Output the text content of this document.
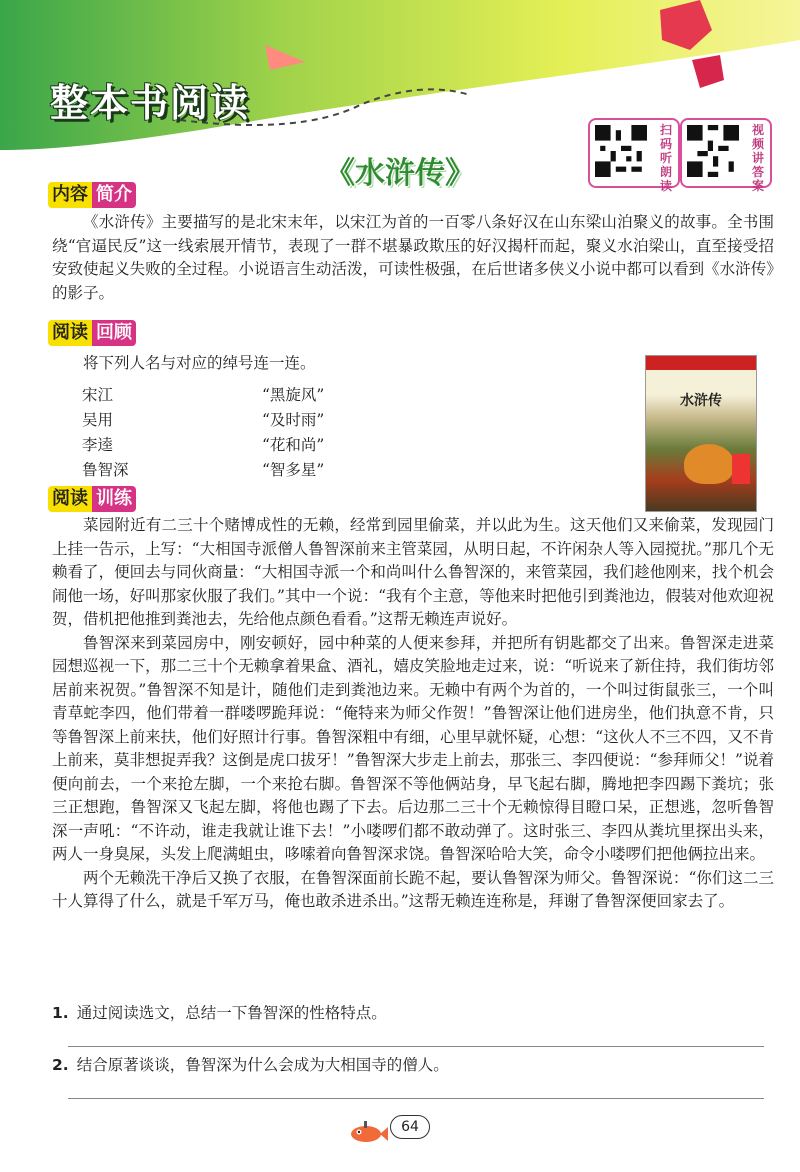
整本书阅读
扫码听朗读
视频讲答案
《水浒传》
内容 简介

《水浒传》主要描写的是北宋末年，以宋江为首的一百零八条好汉在山东梁山泊聚义的故事。全书围绕“官逼民反”这一线索展开情节，表现了一群不堪暴政欺压的好汉揭杆而起，聚义水泊梁山，直至接受招安致使起义失败的全过程。小说语言生动活泼，可读性极强，在后世诸多侠义小说中都可以看到《水浒传》的影子。

阅读 回顾

将下列人名与对应的绰号连一连。

宋江	“黑旋风”
吴用	“及时雨”
李逵	“花和尚”
鲁智深	“智多星”
水浒传
阅读 训练

菜园附近有二三十个赌博成性的无赖，经常到园里偷菜，并以此为生。这天他们又来偷菜，发现园门上挂一告示，上写：“大相国寺派僧人鲁智深前来主管菜园，从明日起，不许闲杂人等入园搅扰。”那几个无赖看了，便回去与同伙商量：“大相国寺派一个和尚叫什么鲁智深的，来管菜园，我们趁他刚来，找个机会闹他一场，好叫那家伙服了我们。”其中一个说：“我有个主意，等他来时把他引到粪池边，假装对他欢迎祝贺，借机把他推到粪池去，先给他点颜色看看。”这帮无赖连声说好。

鲁智深来到菜园房中，刚安顿好，园中种菜的人便来参拜，并把所有钥匙都交了出来。鲁智深走进菜园想巡视一下，那二三十个无赖拿着果盒、酒礼，嬉皮笑脸地走过来，说：“听说来了新住持，我们街坊邻居前来祝贺。”鲁智深不知是计，随他们走到粪池边来。无赖中有两个为首的，一个叫过街鼠张三，一个叫青草蛇李四，他们带着一群喽啰跪拜说：“俺特来为师父作贺！”鲁智深让他们进房坐，他们执意不肯，只等鲁智深上前来扶，他们好照计行事。鲁智深粗中有细，心里早就怀疑，心想：“这伙人不三不四，又不肯上前来，莫非想捉弄我？这倒是虎口拔牙！”鲁智深大步走上前去，那张三、李四便说：“参拜师父！”说着便向前去，一个来抢左脚，一个来抢右脚。鲁智深不等他俩站身，早飞起右脚，腾地把李四踢下粪坑；张三正想跑，鲁智深又飞起左脚，将他也踢了下去。后边那二三十个无赖惊得目瞪口呆，正想逃，忽听鲁智深一声吼：“不许动，谁走我就让谁下去！”小喽啰们都不敢动弹了。这时张三、李四从粪坑里探出头来，两人一身臭屎，头发上爬满蛆虫，哆嗦着向鲁智深求饶。鲁智深哈哈大笑，命令小喽啰们把他俩拉出来。

两个无赖洗干净后又换了衣服，在鲁智深面前长跪不起，要认鲁智深为师父。鲁智深说：“你们这二三十人算得了什么，就是千军万马，俺也敢杀进杀出。”这帮无赖连连称是，拜谢了鲁智深便回家去了。

1. 通过阅读选文，总结一下鲁智深的性格特点。
2. 结合原著谈谈，鲁智深为什么会成为大相国寺的僧人。
64
